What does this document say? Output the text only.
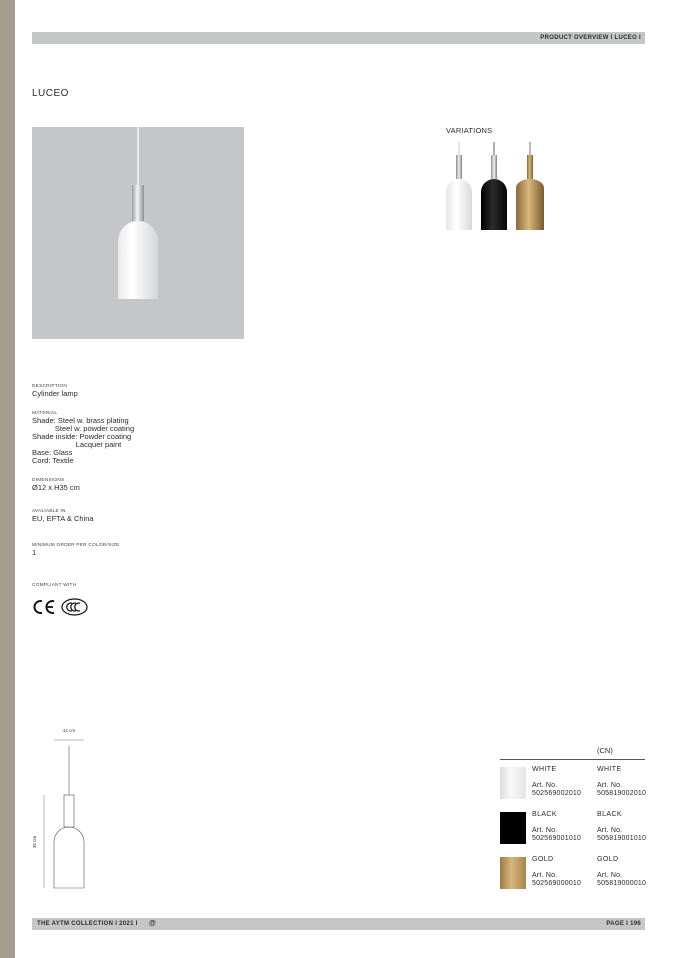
PRODUCT OVERVIEW I LUCEO I
LUCEO
VARIATIONS
DESCRIPTION
Cylinder lamp
MATERIAL
Shade: Steel w. brass plating
Steel w. powder coating
Shade inside: Powder coating
Lacquer paint
Base: Glass
Cord: Textile
DIMENSIONS
Ø12 x H35 cm
AVALIABLE IN
EU, EFTA & China
MINIMUM ORDER PER COLOR/SIZE
1
COMPLIANT WITH
12 cm
35 cm
(CN)
WHITE
Art. No.
502569002010
WHITE
Art. No.
505819002010
BLACK
Art. No.
502569001010
BLACK
Art. No.
505819001010
GOLD
Art. No.
502569000010
GOLD
Art. No.
505819000010
THE AYTM COLLECTION I 2021 I @	PAGE I 196
